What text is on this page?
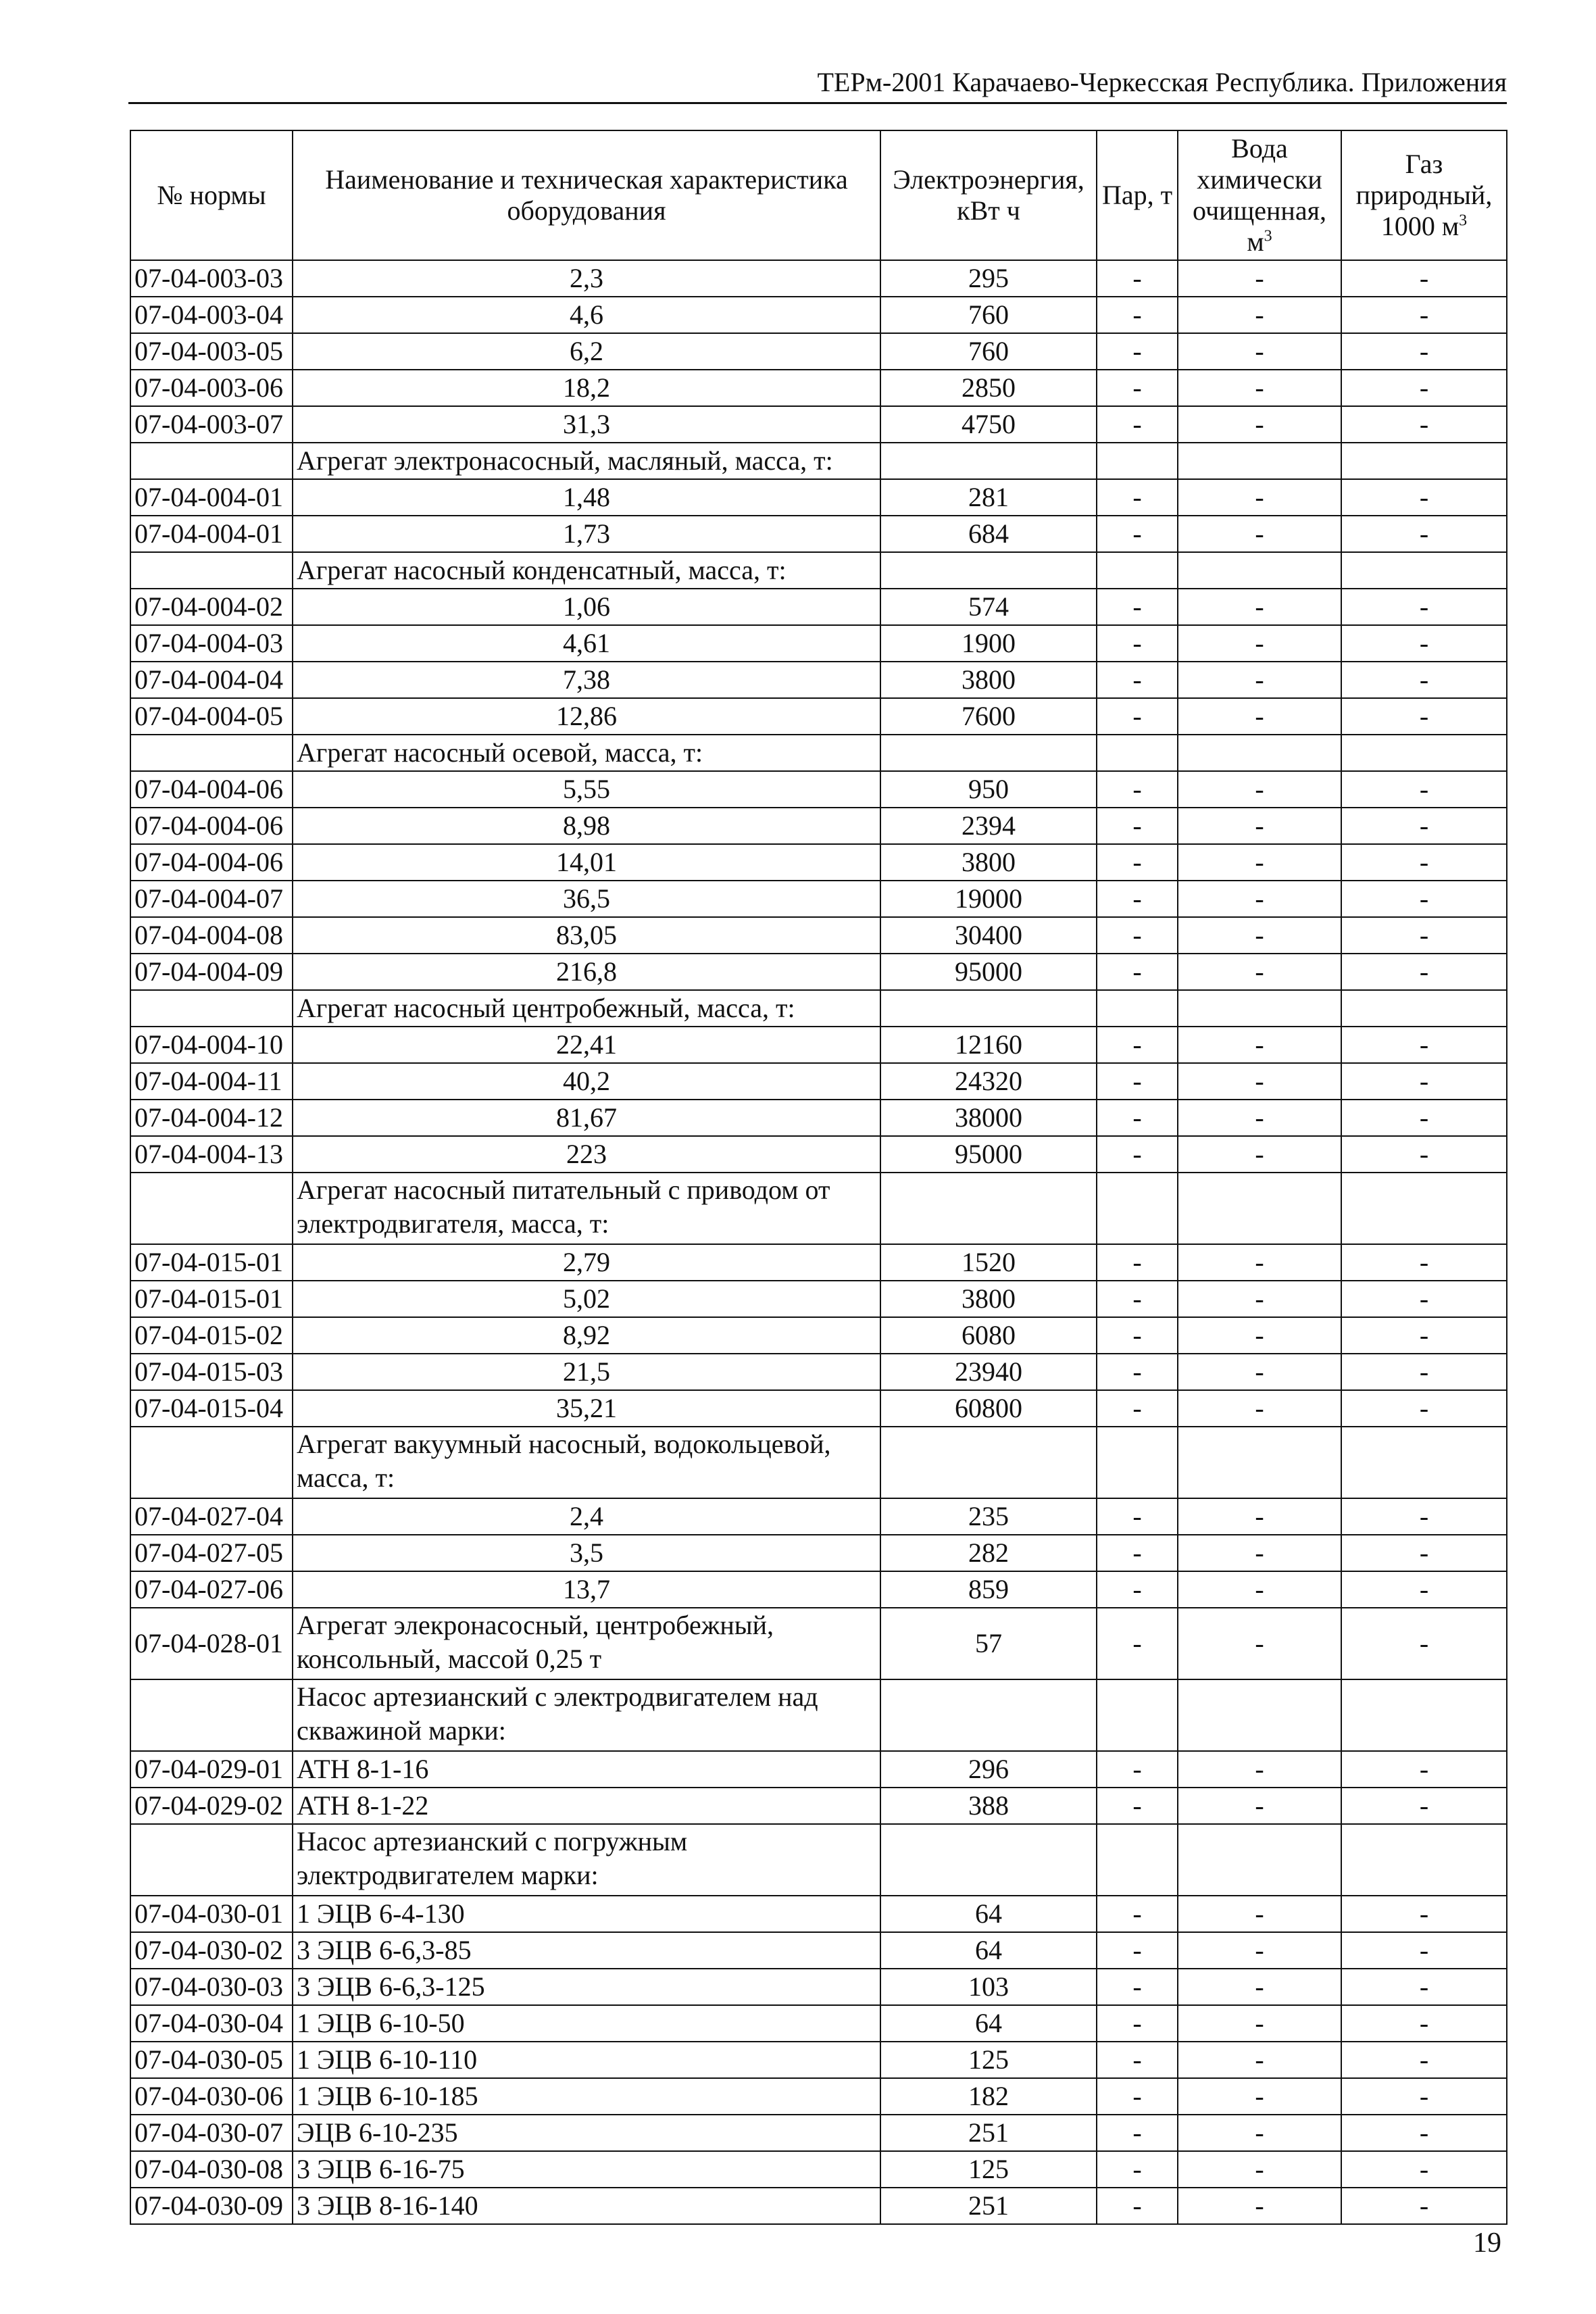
ТЕРм-2001 Карачаево-Черкесская Республика. Приложения
№ нормы	Наименование и техническая характеристика оборудования	Электроэнергия, кВт ч	Пар, т	Вода химически очищенная, $м^3$	Газ природный, 1000 $м^3$
07-04-003-03	2,3	295	-	-	-
07-04-003-04	4,6	760	-	-	-
07-04-003-05	6,2	760	-	-	-
07-04-003-06	18,2	2850	-	-	-
07-04-003-07	31,3	4750	-	-	-
	Агрегат электронасосный, масляный, масса, т:				
07-04-004-01	1,48	281	-	-	-
07-04-004-01	1,73	684	-	-	-
	Агрегат насосный конденсатный, масса, т:				
07-04-004-02	1,06	574	-	-	-
07-04-004-03	4,61	1900	-	-	-
07-04-004-04	7,38	3800	-	-	-
07-04-004-05	12,86	7600	-	-	-
	Агрегат насосный осевой, масса, т:				
07-04-004-06	5,55	950	-	-	-
07-04-004-06	8,98	2394	-	-	-
07-04-004-06	14,01	3800	-	-	-
07-04-004-07	36,5	19000	-	-	-
07-04-004-08	83,05	30400	-	-	-
07-04-004-09	216,8	95000	-	-	-
	Агрегат насосный центробежный, масса, т:				
07-04-004-10	22,41	12160	-	-	-
07-04-004-11	40,2	24320	-	-	-
07-04-004-12	81,67	38000	-	-	-
07-04-004-13	223	95000	-	-	-
	Агрегат насосный питательный с приводом от электродвигателя, масса, т:				
07-04-015-01	2,79	1520	-	-	-
07-04-015-01	5,02	3800	-	-	-
07-04-015-02	8,92	6080	-	-	-
07-04-015-03	21,5	23940	-	-	-
07-04-015-04	35,21	60800	-	-	-
	Агрегат вакуумный насосный, водокольцевой, масса, т:				
07-04-027-04	2,4	235	-	-	-
07-04-027-05	3,5	282	-	-	-
07-04-027-06	13,7	859	-	-	-
07-04-028-01	Агрегат элекронасосный, центробежный, консольный, массой 0,25 т	57	-	-	-
	Насос артезианский с электродвигателем над скважиной марки:				
07-04-029-01	АТН 8-1-16	296	-	-	-
07-04-029-02	АТН 8-1-22	388	-	-	-
	Насос артезианский с погружным электродвигателем марки:				
07-04-030-01	1 ЭЦВ 6-4-130	64	-	-	-
07-04-030-02	3 ЭЦВ 6-6,3-85	64	-	-	-
07-04-030-03	3 ЭЦВ 6-6,3-125	103	-	-	-
07-04-030-04	1 ЭЦВ 6-10-50	64	-	-	-
07-04-030-05	1 ЭЦВ 6-10-110	125	-	-	-
07-04-030-06	1 ЭЦВ 6-10-185	182	-	-	-
07-04-030-07	ЭЦВ 6-10-235	251	-	-	-
07-04-030-08	3 ЭЦВ 6-16-75	125	-	-	-
07-04-030-09	3 ЭЦВ 8-16-140	251	-	-	-
19
